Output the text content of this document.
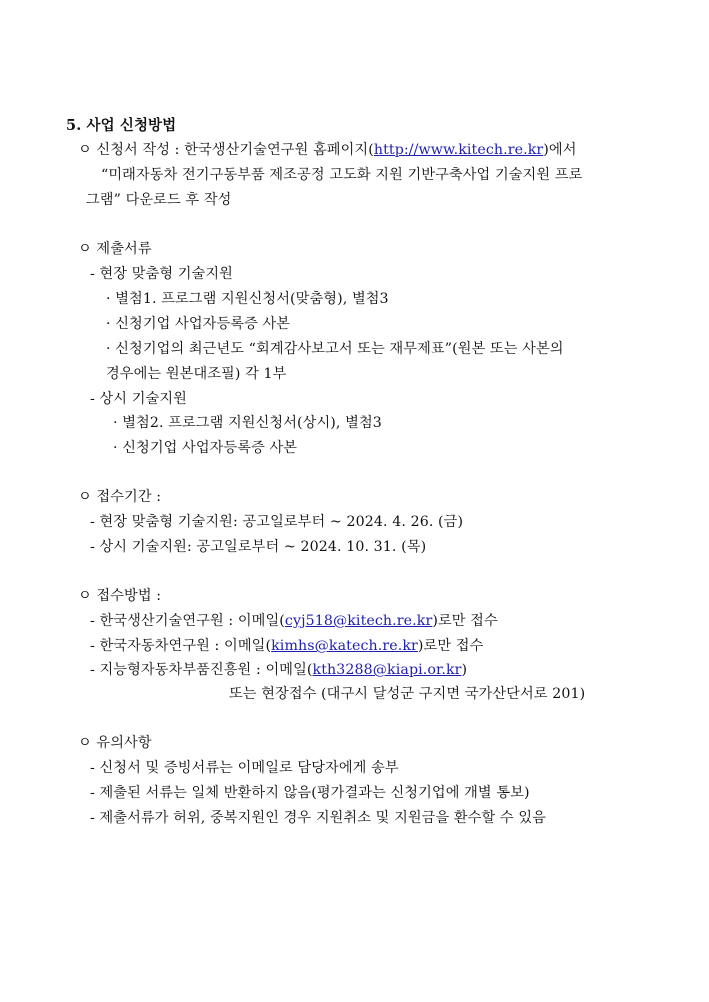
5. 사업 신청방법
ㅇ 신청서 작성 : 한국생산기술연구원 홈페이지(http://www.kitech.re.kr)에서
“미래자동차 전기구동부품 제조공정 고도화 지원 기반구축사업 기술지원 프로
그램” 다운로드 후 작성
ㅇ 제출서류
- 현장 맞춤형 기술지원
· 별첨1. 프로그램 지원신청서(맞춤형), 별첨3
· 신청기업 사업자등록증 사본
· 신청기업의 최근년도 “회계감사보고서 또는 재무제표”(원본 또는 사본의
경우에는 원본대조필) 각 1부
- 상시 기술지원
· 별첨2. 프로그램 지원신청서(상시), 별첨3
· 신청기업 사업자등록증 사본
ㅇ 접수기간 :
- 현장 맞춤형 기술지원: 공고일로부터 ~ 2024. 4. 26. (금)
- 상시 기술지원: 공고일로부터 ~ 2024. 10. 31. (목)
ㅇ 접수방법 :
- 한국생산기술연구원 : 이메일(cyj518@kitech.re.kr)로만 접수
- 한국자동차연구원 : 이메일(kimhs@katech.re.kr)로만 접수
- 지능형자동차부품진흥원 : 이메일(kth3288@kiapi.or.kr)
또는 현장접수 (대구시 달성군 구지면 국가산단서로 201)
ㅇ 유의사항
- 신청서 및 증빙서류는 이메일로 담당자에게 송부
- 제출된 서류는 일체 반환하지 않음(평가결과는 신청기업에 개별 통보)
- 제출서류가 허위, 중복지원인 경우 지원취소 및 지원금을 환수할 수 있음
